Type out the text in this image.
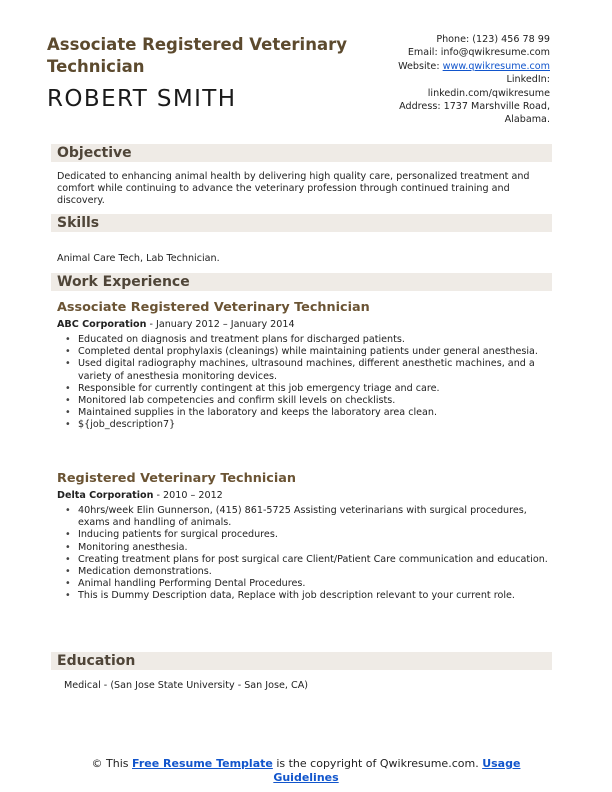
Associate Registered Veterinary Technician
ROBERT SMITH
Phone: (123) 456 78 99
Email: info@qwikresume.com
Website: www.qwikresume.com
LinkedIn:
linkedin.com/qwikresume
Address: 1737 Marshville Road,
Alabama.
Objective
Dedicated to enhancing animal health by delivering high quality care, personalized treatment and comfort while continuing to advance the veterinary profession through continued training and discovery.
Skills
Animal Care Tech, Lab Technician.
Work Experience
Associate Registered Veterinary Technician
ABC Corporation - January 2012 – January 2014
• Educated on diagnosis and treatment plans for discharged patients.
• Completed dental prophylaxis (cleanings) while maintaining patients under general anesthesia.
• Used digital radiography machines, ultrasound machines, different anesthetic machines, and a variety of anesthesia monitoring devices.
• Responsible for currently contingent at this job emergency triage and care.
• Monitored lab competencies and confirm skill levels on checklists.
• Maintained supplies in the laboratory and keeps the laboratory area clean.
• ${job_description7}
Registered Veterinary Technician
Delta Corporation - 2010 – 2012
• 40hrs/week Elin Gunnerson, (415) 861-5725 Assisting veterinarians with surgical procedures, exams and handling of animals.
• Inducing patients for surgical procedures.
• Monitoring anesthesia.
• Creating treatment plans for post surgical care Client/Patient Care communication and education.
• Medication demonstrations.
• Animal handling Performing Dental Procedures.
• This is Dummy Description data, Replace with job description relevant to your current role.
Education
Medical - (San Jose State University - San Jose, CA)
© This Free Resume Template is the copyright of Qwikresume.com. Usage
Guidelines
